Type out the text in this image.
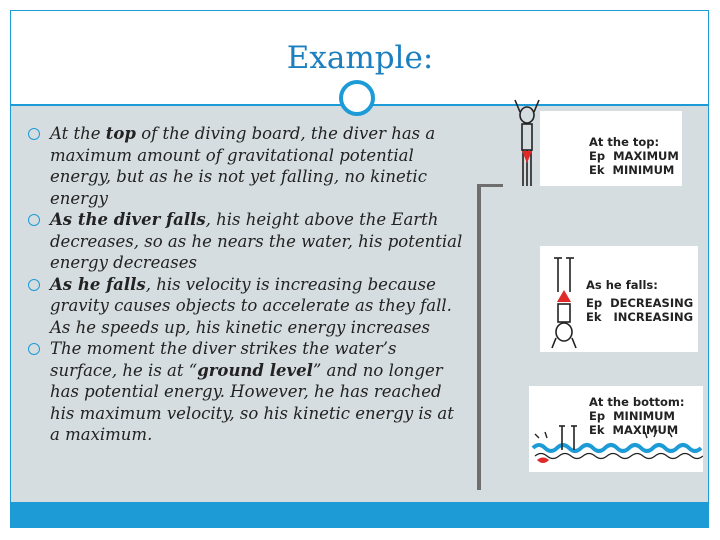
Example:
At the top of the diving board, the diver has a maximum amount of gravitational potential energy, but as he is not yet falling, no kinetic energy
As the diver falls, his height above the Earth decreases, so as he nears the water, his potential energy decreases
As he falls, his velocity is increasing because gravity causes objects to accelerate as they fall. As he speeds up, his kinetic energy increases
The moment the diver strikes the water’s surface, he is at “ground level” and no longer has potential energy. However, he has reached his maximum velocity, so his kinetic energy is at a maximum.
At the top:
Ep  MAXIMUM
Ek  MINIMUM
As he falls:
Ep  DECREASING
Ek   INCREASING
At the bottom:
Ep  MINIMUM
Ek  MAXIMUM
